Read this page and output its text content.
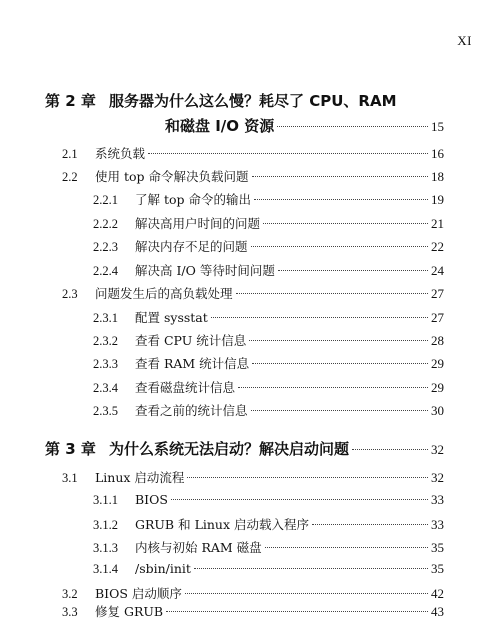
XI
第 2 章 服务器为什么这么慢？耗尽了 CPU、RAM
和磁盘 I/O 资源	15
2.1	系统负载	16
2.2	使用 top 命令解决负载问题	18
2.2.1	了解 top 命令的输出	19
2.2.2	解决高用户时间的问题	21
2.2.3	解决内存不足的问题	22
2.2.4	解决高 I/O 等待时间问题	24
2.3	问题发生后的高负载处理	27
2.3.1	配置 sysstat	27
2.3.2	查看 CPU 统计信息	28
2.3.3	查看 RAM 统计信息	29
2.3.4	查看磁盘统计信息	29
2.3.5	查看之前的统计信息	30
第 3 章 为什么系统无法启动？解决启动问题	32
3.1	Linux 启动流程	32
3.1.1	BIOS	33
3.1.2	GRUB 和 Linux 启动载入程序	33
3.1.3	内核与初始 RAM 磁盘	35
3.1.4	/sbin/init	35
3.2	BIOS 启动顺序	42
3.3	修复 GRUB	43
